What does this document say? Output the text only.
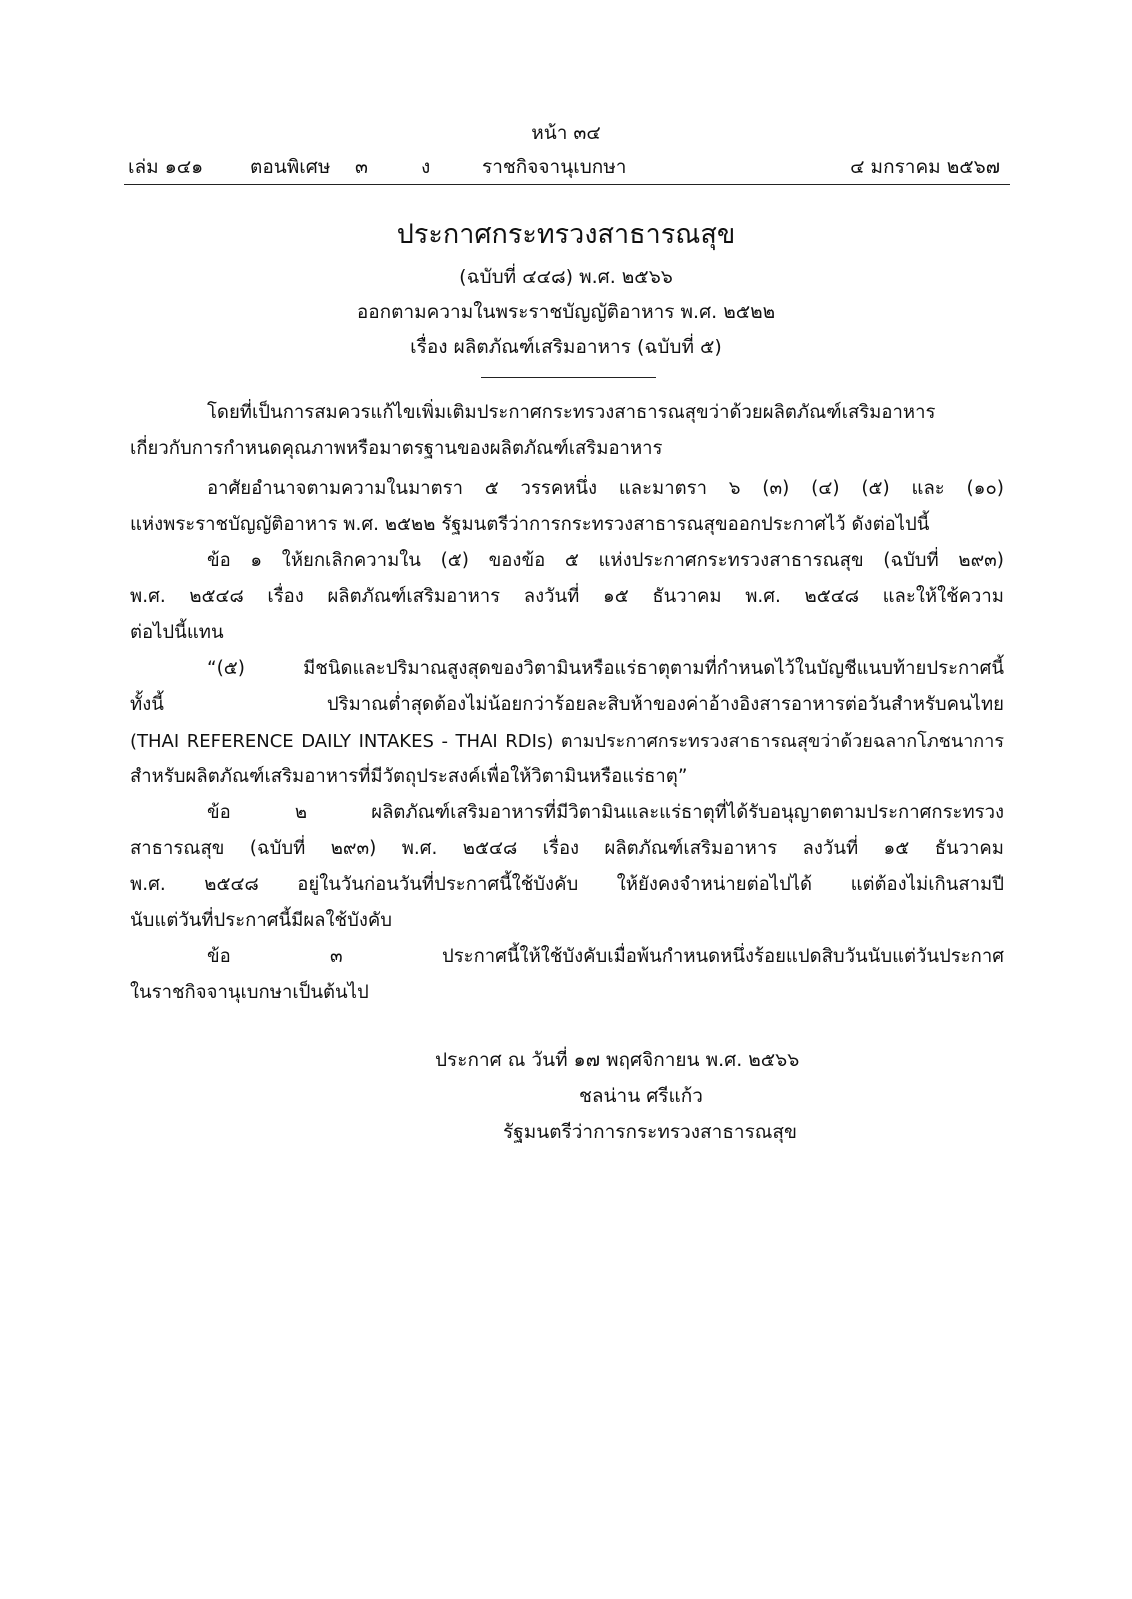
หน้า ๓๔
เล่ม ๑๔๑ ตอนพิเศษ ๓	ง	ราชกิจจานุเบกษา	๔ มกราคม ๒๕๖๗
ประกาศกระทรวงสาธารณสุข
(ฉบับที่ ๔๔๘) พ.ศ. ๒๕๖๖
ออกตามความในพระราชบัญญัติอาหาร พ.ศ. ๒๕๒๒
เรื่อง ผลิตภัณฑ์เสริมอาหาร (ฉบับที่ ๕)
โดยที่เป็นการสมควรแก้ไขเพิ่มเติมประกาศกระทรวงสาธารณสุขว่าด้วยผลิตภัณฑ์เสริมอาหาร
เกี่ยวกับการกำหนดคุณภาพหรือมาตรฐานของผลิตภัณฑ์เสริมอาหาร
อาศัยอำนาจตามความในมาตรา ๕ วรรคหนึ่ง และมาตรา ๖ (๓) (๔) (๕) และ (๑๐)
แห่งพระราชบัญญัติอาหาร พ.ศ. ๒๕๒๒ รัฐมนตรีว่าการกระทรวงสาธารณสุขออกประกาศไว้ ดังต่อไปนี้
ข้อ ๑ ให้ยกเลิกความใน (๕) ของข้อ ๕ แห่งประกาศกระทรวงสาธารณสุข (ฉบับที่ ๒๙๓)
พ.ศ. ๒๕๔๘ เรื่อง ผลิตภัณฑ์เสริมอาหาร ลงวันที่ ๑๕ ธันวาคม พ.ศ. ๒๕๔๘ และให้ใช้ความ
ต่อไปนี้แทน
“(๕) มีชนิดและปริมาณสูงสุดของวิตามินหรือแร่ธาตุตามที่กำหนดไว้ในบัญชีแนบท้ายประกาศนี้
ทั้งนี้ ปริมาณต่ำสุดต้องไม่น้อยกว่าร้อยละสิบห้าของค่าอ้างอิงสารอาหารต่อวันสำหรับคนไทย
(THAI REFERENCE DAILY INTAKES - THAI RDIs) ตามประกาศกระทรวงสาธารณสุขว่าด้วยฉลากโภชนาการ
สำหรับผลิตภัณฑ์เสริมอาหารที่มีวัตถุประสงค์เพื่อให้วิตามินหรือแร่ธาตุ”
ข้อ ๒ ผลิตภัณฑ์เสริมอาหารที่มีวิตามินและแร่ธาตุที่ได้รับอนุญาตตามประกาศกระทรวง
สาธารณสุข (ฉบับที่ ๒๙๓) พ.ศ. ๒๕๔๘ เรื่อง ผลิตภัณฑ์เสริมอาหาร ลงวันที่ ๑๕ ธันวาคม
พ.ศ. ๒๕๔๘ อยู่ในวันก่อนวันที่ประกาศนี้ใช้บังคับ ให้ยังคงจำหน่ายต่อไปได้ แต่ต้องไม่เกินสามปี
นับแต่วันที่ประกาศนี้มีผลใช้บังคับ
ข้อ ๓ ประกาศนี้ให้ใช้บังคับเมื่อพ้นกำหนดหนึ่งร้อยแปดสิบวันนับแต่วันประกาศ
ในราชกิจจานุเบกษาเป็นต้นไป
ประกาศ ณ วันที่ ๑๗ พฤศจิกายน พ.ศ. ๒๕๖๖
ชลน่าน ศรีแก้ว
รัฐมนตรีว่าการกระทรวงสาธารณสุข
